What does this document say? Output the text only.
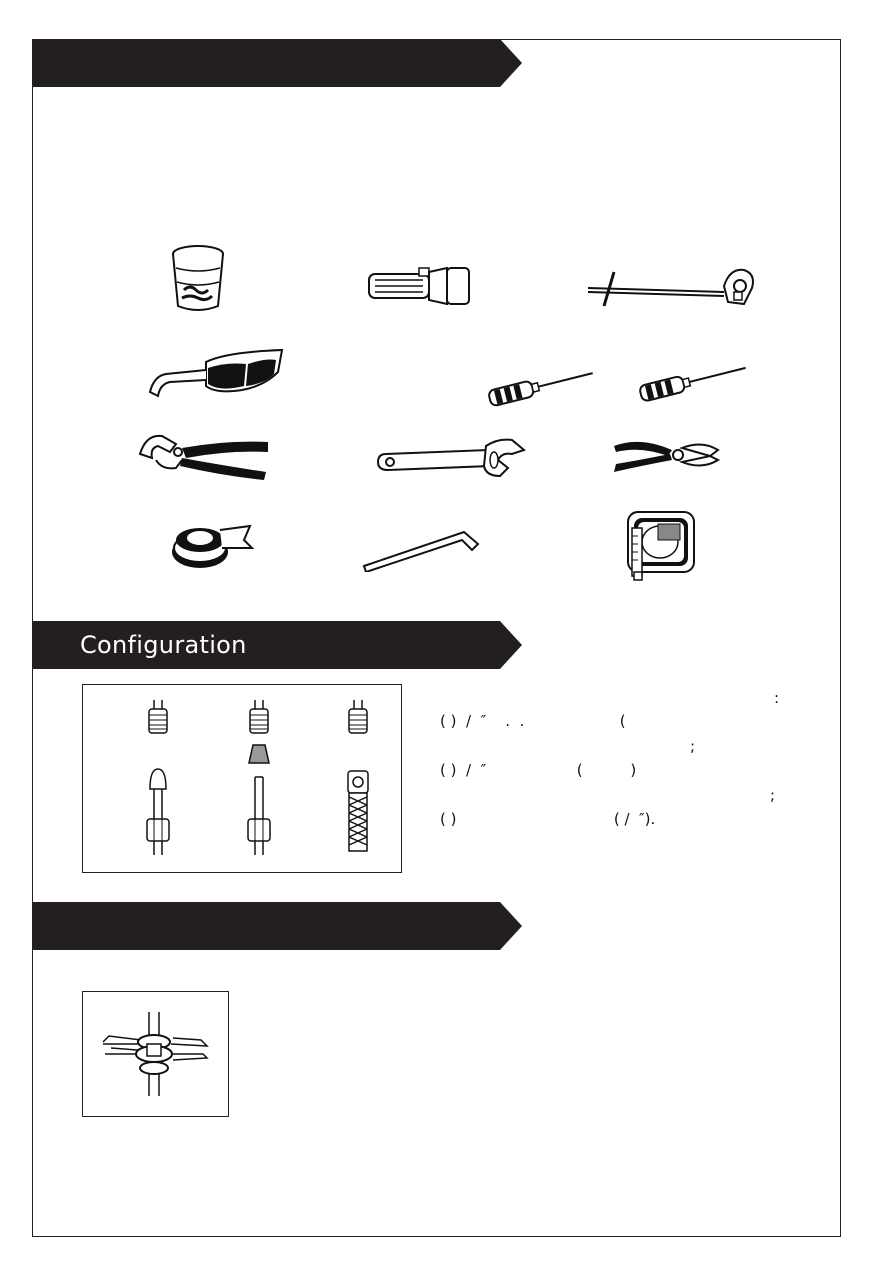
Configuration
:
( )  /  ″    .  .                    (
;
( )  /  ″                   (          )
;
( )                                 ( /  ″).
